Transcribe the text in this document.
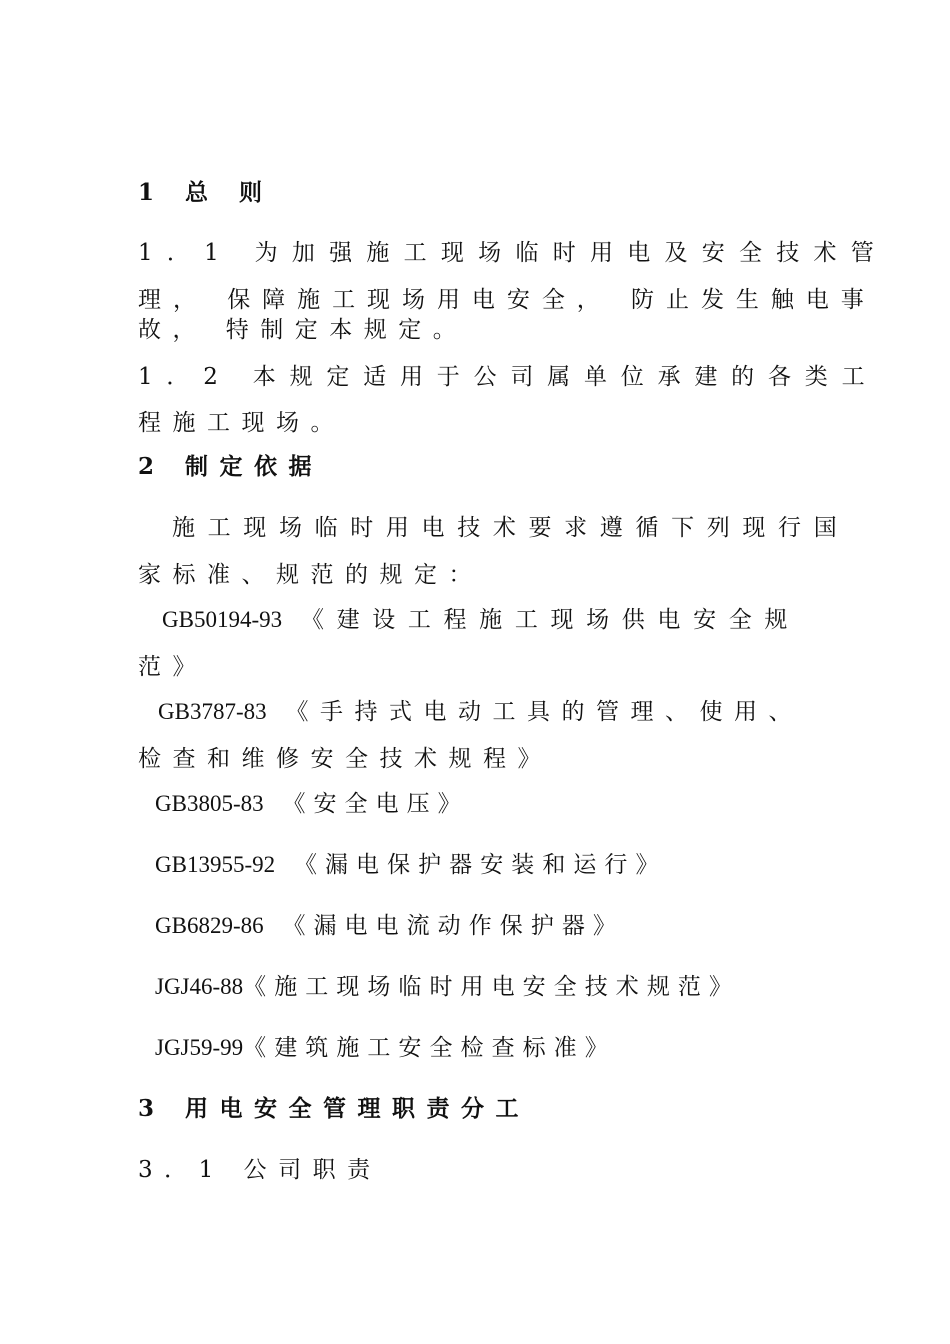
1 总 则
1．1 为加强施工现场临时用电及安全技术管
理， 保障施工现场用电安全， 防止发生触电事
故， 特制定本规定。
1．2 本规定适用于公司属单位承建的各类工
程施工现场。
2 制定依据
施工现场临时用电技术要求遵循下列现行国
家标准、规范的规定：
GB50194-93 《建设工程施工现场供电安全规
范》
GB3787-83 《手持式电动工具的管理、使用、
检查和维修安全技术规程》
GB3805-83 《安全电压》
GB13955-92 《漏电保护器安装和运行》
GB6829-86 《漏电电流动作保护器》
JGJ46-88《施工现场临时用电安全技术规范》
JGJ59-99《建筑施工安全检查标准》
3 用电安全管理职责分工
3．1 公司职责
